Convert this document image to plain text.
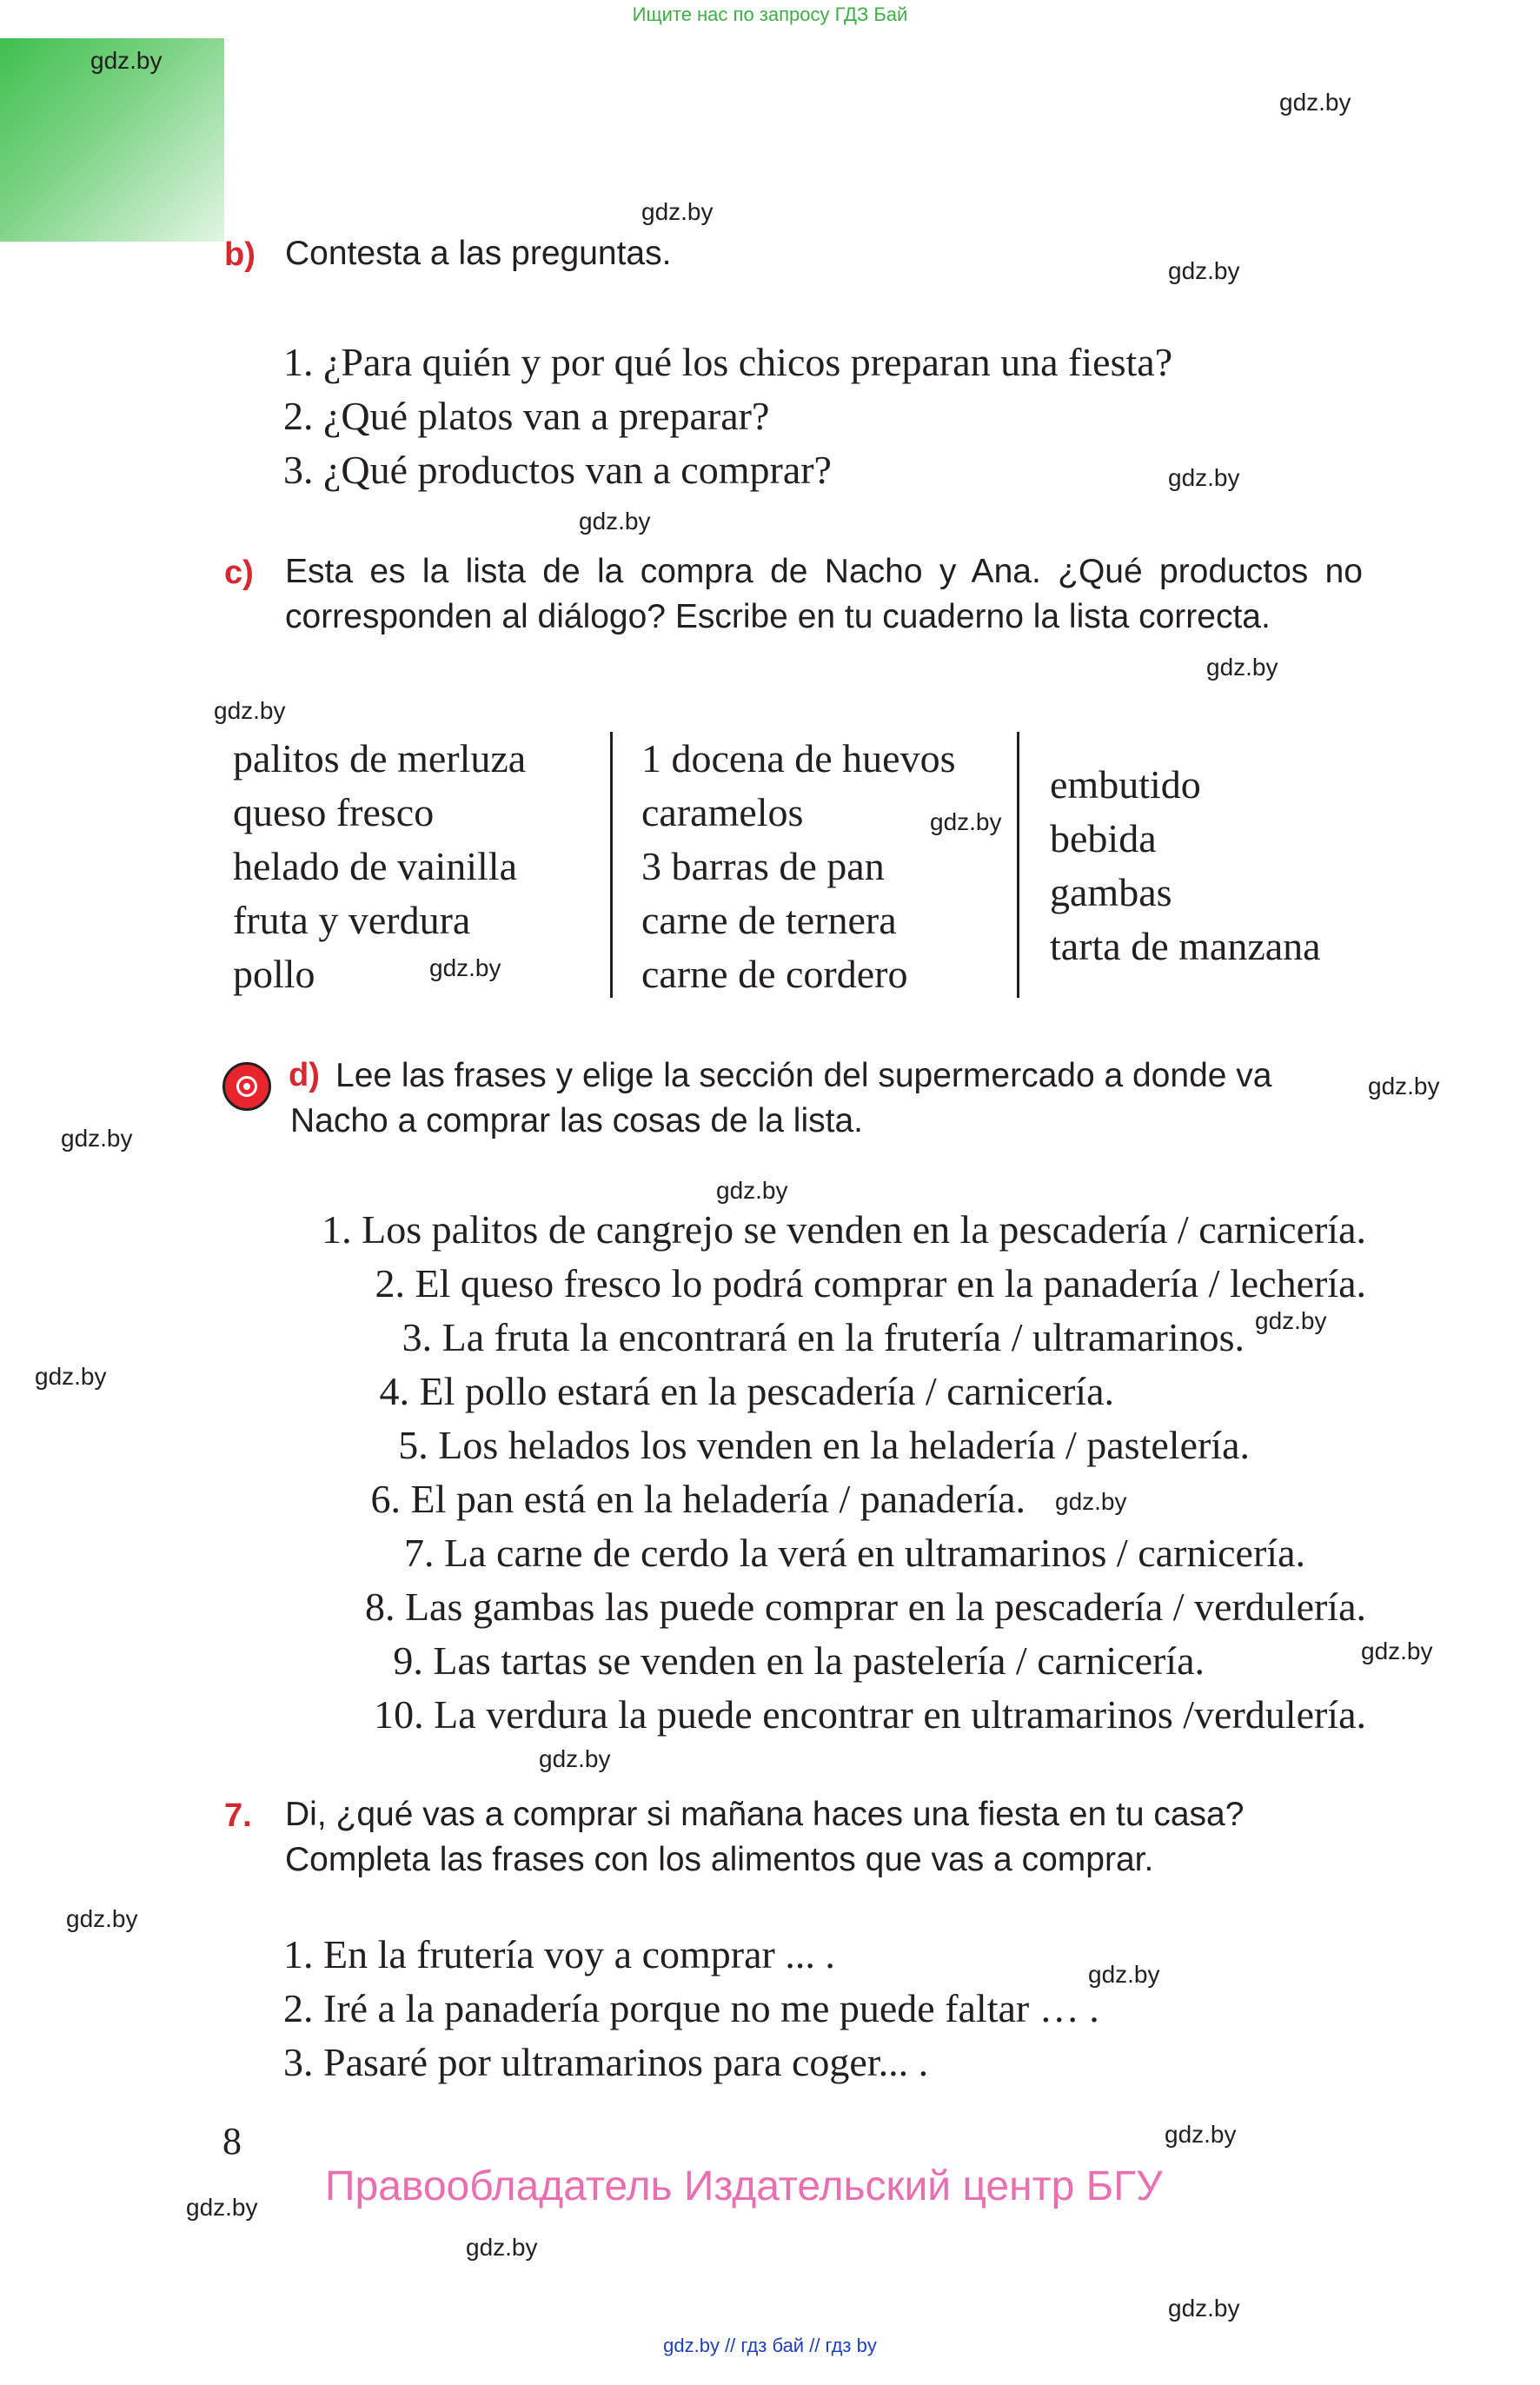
Ищите нас по запросу ГДЗ Бай
gdz.by
gdz.by
gdz.by
gdz.by
gdz.by
gdz.by
gdz.by
gdz.by
gdz.by
gdz.by
gdz.by
gdz.by
gdz.by
gdz.by
gdz.by
gdz.by
gdz.by
gdz.by
gdz.by
gdz.by
gdz.by
gdz.by
gdz.by
gdz.by
b) Contesta a las preguntas.
1. ¿Para quién y por qué los chicos preparan una fiesta?
2. ¿Qué platos van a preparar?
3. ¿Qué productos van a comprar?
c) Esta es la lista de la compra de Nacho y Ana. ¿Qué productos no corresponden al diálogo? Escribe en tu cuaderno la lista correcta.
palitos de merluza
queso fresco
helado de vainilla
fruta y verdura
pollo
1 docena de huevos
caramelos
3 barras de pan
carne de ternera
carne de cordero
embutido
bebida
gambas
tarta de manzana
d) Lee las frases y elige la sección del supermercado a donde va Nacho a comprar las cosas de la lista.
1. Los palitos de cangrejo se venden en la pescadería / carnicería.
2. El queso fresco lo podrá comprar en la panadería / lechería.
3. La fruta la encontrará en la frutería / ultramarinos.
4. El pollo estará en la pescadería / carnicería.
5. Los helados los venden en la heladería / pastelería.
6. El pan está en la heladería / panadería.
7. La carne de cerdo la verá en ultramarinos / carnicería.
8. Las gambas las puede comprar en la pescadería / verdulería.
9. Las tartas se venden en la pastelería / carnicería.
10. La verdura la puede encontrar en ultramarinos /verdulería.
7. Di, ¿qué vas a comprar si mañana haces una fiesta en tu casa? Completa las frases con los alimentos que vas a comprar.
1. En la frutería voy a comprar ... .
2. Iré a la panadería porque no me puede faltar … .
3. Pasaré por ultramarinos para coger... .
8
Правообладатель Издательский центр БГУ
gdz.by // гдз бай // гдз by
